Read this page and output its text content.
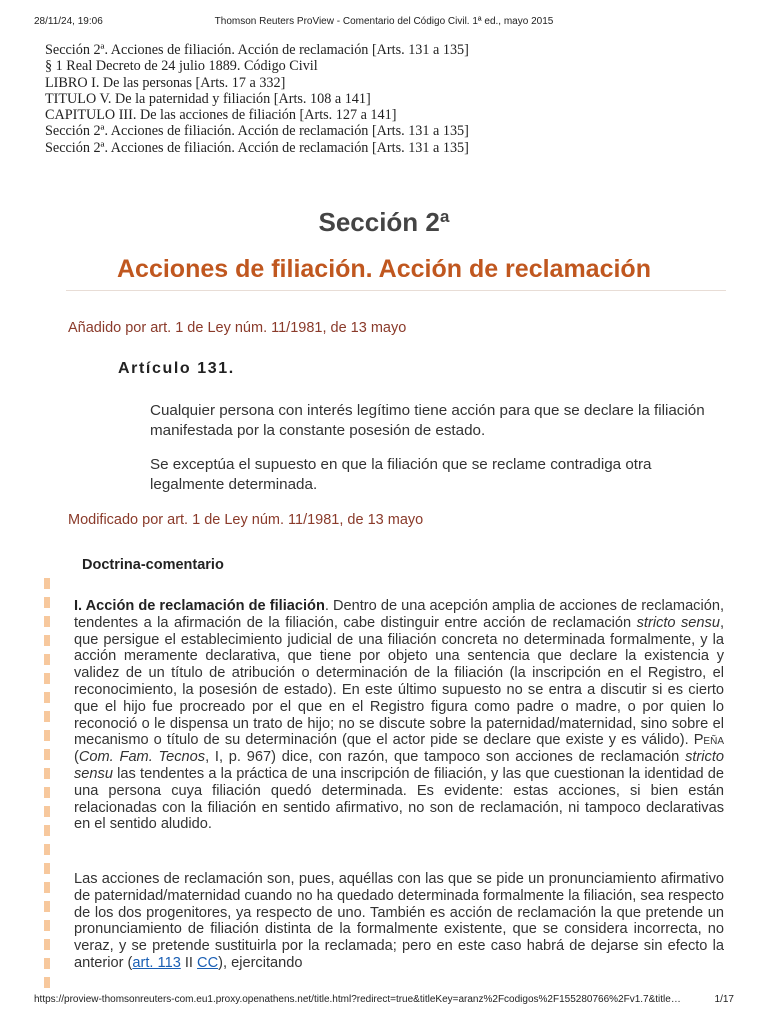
28/11/24, 19:06	Thomson Reuters ProView - Comentario del Código Civil. 1ª ed., mayo 2015
Sección 2ª. Acciones de filiación. Acción de reclamación [Arts. 131 a 135]
§ 1 Real Decreto de 24 julio 1889. Código Civil
LIBRO I. De las personas [Arts. 17 a 332]
TITULO V. De la paternidad y filiación [Arts. 108 a 141]
CAPITULO III. De las acciones de filiación [Arts. 127 a 141]
Sección 2ª. Acciones de filiación. Acción de reclamación [Arts. 131 a 135]
Sección 2ª. Acciones de filiación. Acción de reclamación [Arts. 131 a 135]
Sección 2ª
Acciones de filiación. Acción de reclamación
Añadido por art. 1 de Ley núm. 11/1981, de 13 mayo
Artículo 131.
Cualquier persona con interés legítimo tiene acción para que se declare la filiación manifestada por la constante posesión de estado.
Se exceptúa el supuesto en que la filiación que se reclame contradiga otra legalmente determinada.
Modificado por art. 1 de Ley núm. 11/1981, de 13 mayo
Doctrina-comentario
I. Acción de reclamación de filiación. Dentro de una acepción amplia de acciones de reclamación, tendentes a la afirmación de la filiación, cabe distinguir entre acción de reclamación stricto sensu, que persigue el establecimiento judicial de una filiación concreta no determinada formalmente, y la acción meramente declarativa, que tiene por objeto una sentencia que declare la existencia y validez de un título de atribución o determinación de la filiación (la inscripción en el Registro, el reconocimiento, la posesión de estado). En este último supuesto no se entra a discutir si es cierto que el hijo fue procreado por el que en el Registro figura como padre o madre, o por quien lo reconoció o le dispensa un trato de hijo; no se discute sobre la paternidad/maternidad, sino sobre el mecanismo o título de su determinación (que el actor pide se declare que existe y es válido). Peña (Com. Fam. Tecnos, I, p. 967) dice, con razón, que tampoco son acciones de reclamación stricto sensu las tendentes a la práctica de una inscripción de filiación, y las que cuestionan la identidad de una persona cuya filiación quedó determinada. Es evidente: estas acciones, si bien están relacionadas con la filiación en sentido afirmativo, no son de reclamación, ni tampoco declarativas en el sentido aludido.
Las acciones de reclamación son, pues, aquéllas con las que se pide un pronunciamiento afirmativo de paternidad/maternidad cuando no ha quedado determinada formalmente la filiación, sea respecto de los dos progenitores, ya respecto de uno. También es acción de reclamación la que pretende un pronunciamiento de filiación distinta de la formalmente existente, que se considera incorrecta, no veraz, y se pretende sustituirla por la reclamada; pero en este caso habrá de dejarse sin efecto la anterior (art. 113 II CC), ejercitando
https://proview-thomsonreuters-com.eu1.proxy.openathens.net/title.html?redirect=true&titleKey=aranz%2Fcodigos%2F155280766%2Fv1.7&title…	1/17
